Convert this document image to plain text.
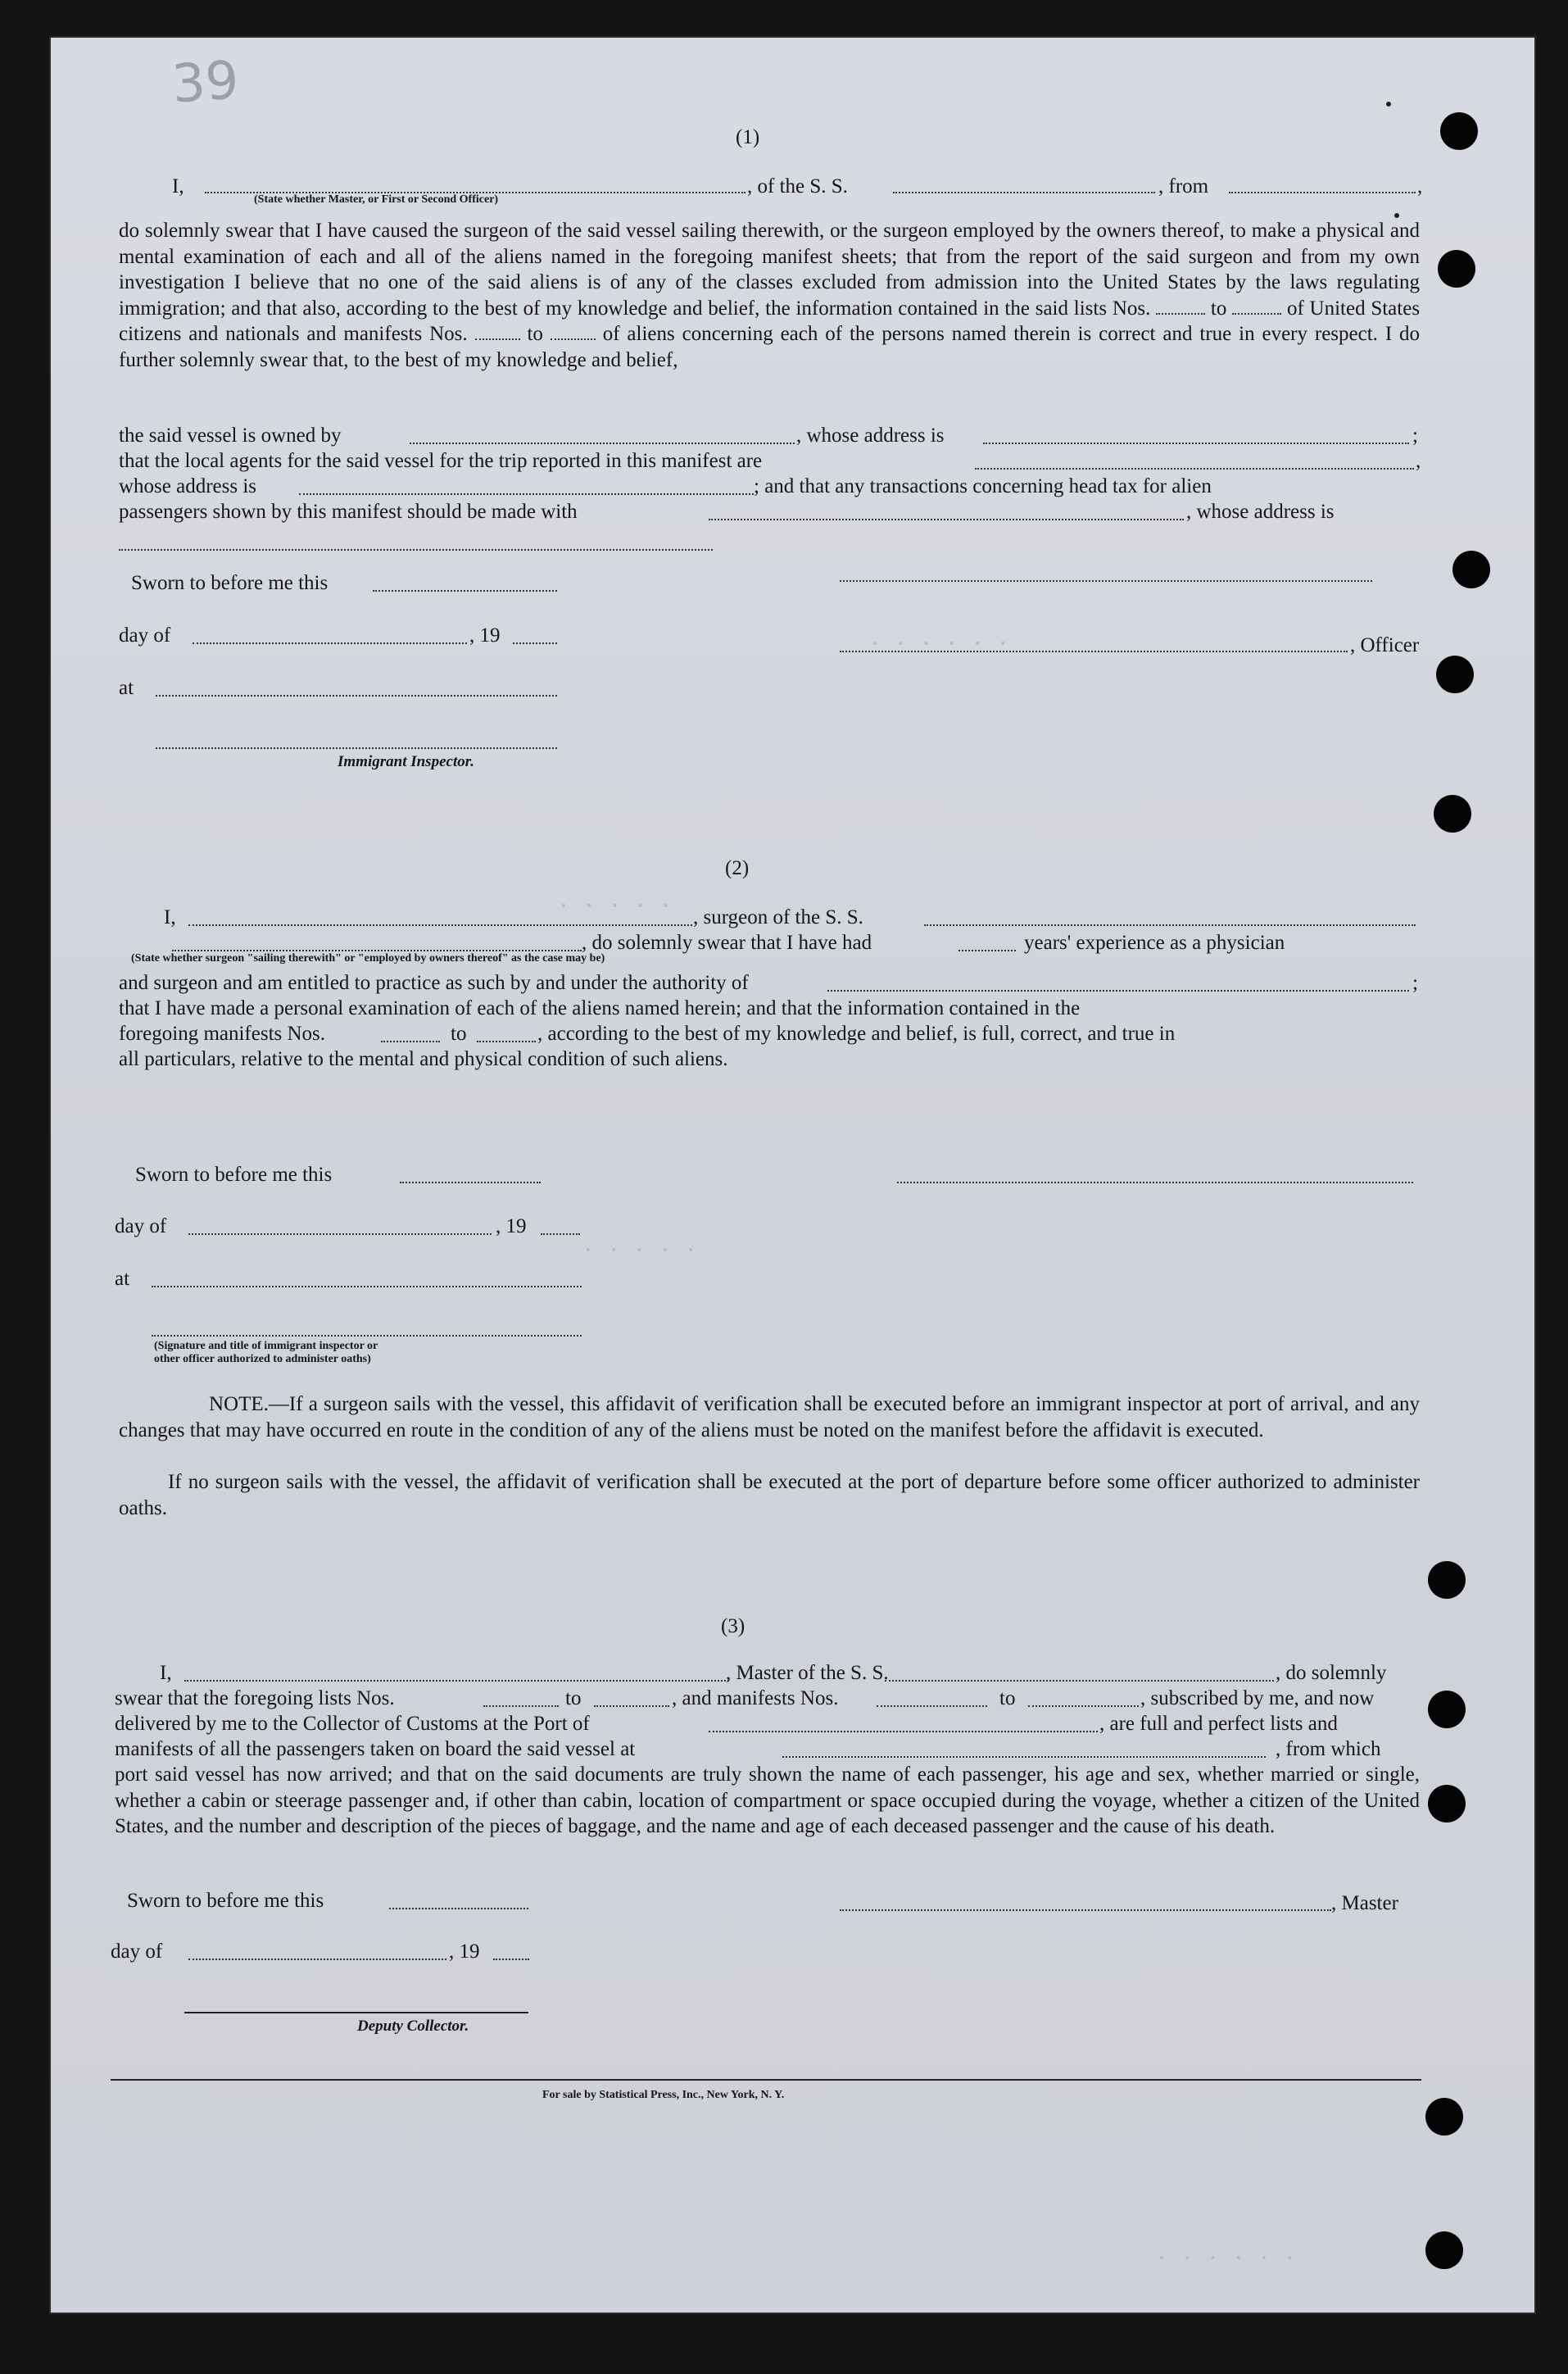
39
(1)
I,	, of the S. S.	, from	,
(State whether Master, or First or Second Officer)
do solemnly swear that I have caused the surgeon of the said vessel sailing therewith, or the surgeon employed by the owners thereof, to make a physical and mental examination of each and all of the aliens named in the foregoing manifest sheets; that from the report of the said surgeon and from my own investigation I believe that no one of the said aliens is of any of the classes excluded from admission into the United States by the laws regulating immigration; and that also, according to the best of my knowledge and belief, the information contained in the said lists Nos.	to	of United States citizens and nationals and manifests Nos.	to	of aliens concerning each of the persons named therein is correct and true in every respect. I do further solemnly swear that, to the best of my knowledge and belief,
the said vessel is owned by	, whose address is	;
that the local agents for the said vessel for the trip reported in this manifest are	,
whose address is	; and that any transactions concerning head tax for alien
passengers shown by this manifest should be made with	, whose address is
Sworn to before me this
day of	, 19
at
Immigrant Inspector.
, Officer
(2)
I,	, surgeon of the S. S.
, do solemnly swear that I have had	years' experience as a physician
(State whether surgeon "sailing therewith" or "employed by owners thereof" as the case may be)
and surgeon and am entitled to practice as such by and under the authority of	;
that I have made a personal examination of each of the aliens named herein; and that the information contained in the
foregoing manifests Nos.	to	, according to the best of my knowledge and belief, is full, correct, and true in
all particulars, relative to the mental and physical condition of such aliens.
Sworn to before me this
day of	, 19
at
(Signature and title of immigrant inspector or other officer authorized to administer oaths)
NOTE.—If a surgeon sails with the vessel, this affidavit of verification shall be executed before an immigrant inspector at port of arrival, and any changes that may have occurred en route in the condition of any of the aliens must be noted on the manifest before the affidavit is executed.
If no surgeon sails with the vessel, the affidavit of verification shall be executed at the port of departure before some officer authorized to administer oaths.
(3)
I,	, Master of the S. S.	, do solemnly
swear that the foregoing lists Nos.	to	, and manifests Nos.	to	, subscribed by me, and now
delivered by me to the Collector of Customs at the Port of	, are full and perfect lists and
manifests of all the passengers taken on board the said vessel at	, from which
port said vessel has now arrived; and that on the said documents are truly shown the name of each passenger, his age and sex, whether married or single, whether a cabin or steerage passenger and, if other than cabin, location of compartment or space occupied during the voyage, whether a citizen of the United States, and the number and description of the pieces of baggage, and the name and age of each deceased passenger and the cause of his death.
Sworn to before me this	, Master
day of	, 19
Deputy Collector.
For sale by Statistical Press, Inc., New York, N. Y.
. . . . . .
. . . . .
. . . . .
. . . . . .
